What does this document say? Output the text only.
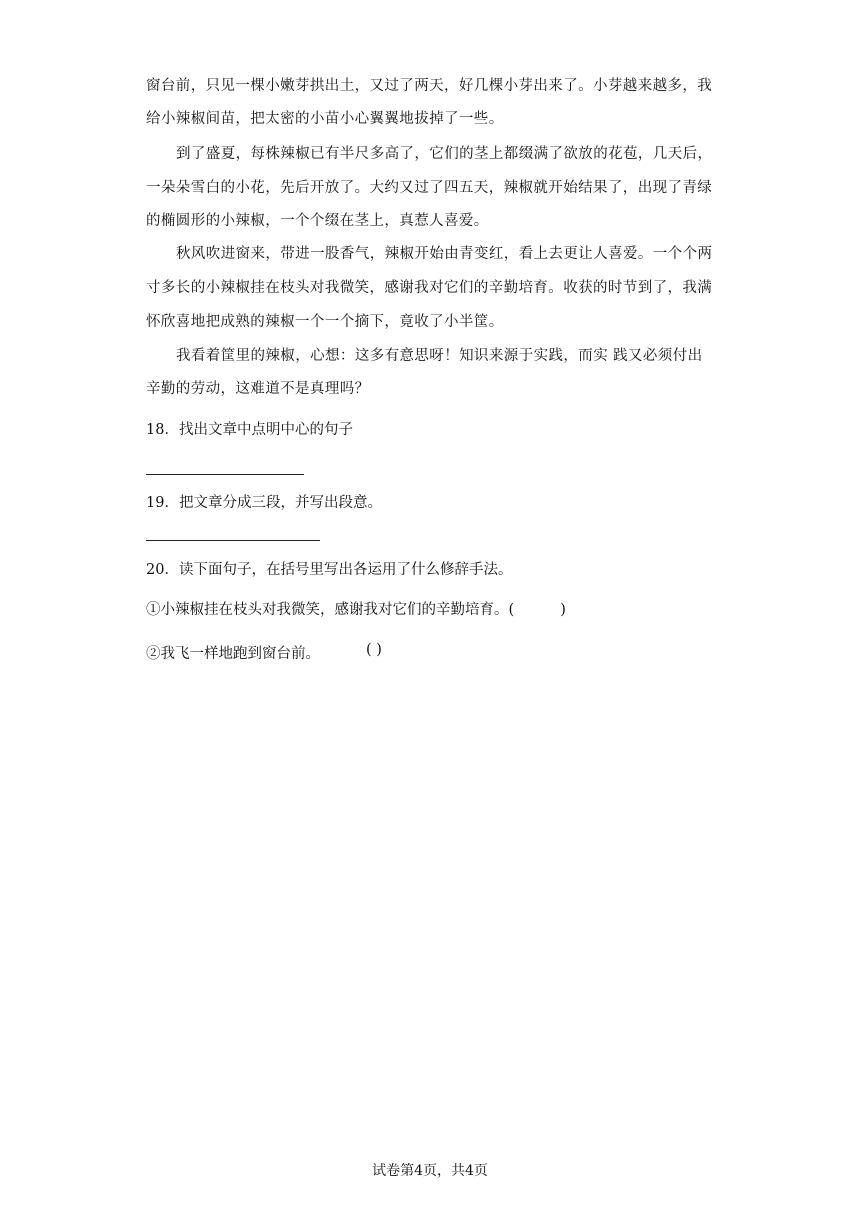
窗台前，只见一棵小嫩芽拱出土，又过了两天，好几棵小芽出来了。小芽越来越多，我
给小辣椒间苗，把太密的小苗小心翼翼地拔掉了一些。
到了盛夏，每株辣椒已有半尺多高了，它们的茎上都缀满了欲放的花苞，几天后，
一朵朵雪白的小花，先后开放了。大约又过了四五天，辣椒就开始结果了，出现了青绿
的椭圆形的小辣椒，一个个缀在茎上，真惹人喜爱。
秋风吹进窗来，带进一股香气，辣椒开始由青变红，看上去更让人喜爱。一个个两
寸多长的小辣椒挂在枝头对我微笑，感谢我对它们的辛勤培育。收获的时节到了，我满
怀欣喜地把成熟的辣椒一个一个摘下，竟收了小半筐。
我看着筐里的辣椒，心想：这多有意思呀！知识来源于实践，而实 践又必须付出
辛勤的劳动，这难道不是真理吗？
18．找出文章中点明中心的句子
19．把文章分成三段，并写出段意。
20．读下面句子，在括号里写出各运用了什么修辞手法。
①小辣椒挂在枝头对我微笑，感谢我对它们的辛勤培育。(          )
②我飞一样地跑到窗台前。	( )
试卷第4页，共4页
